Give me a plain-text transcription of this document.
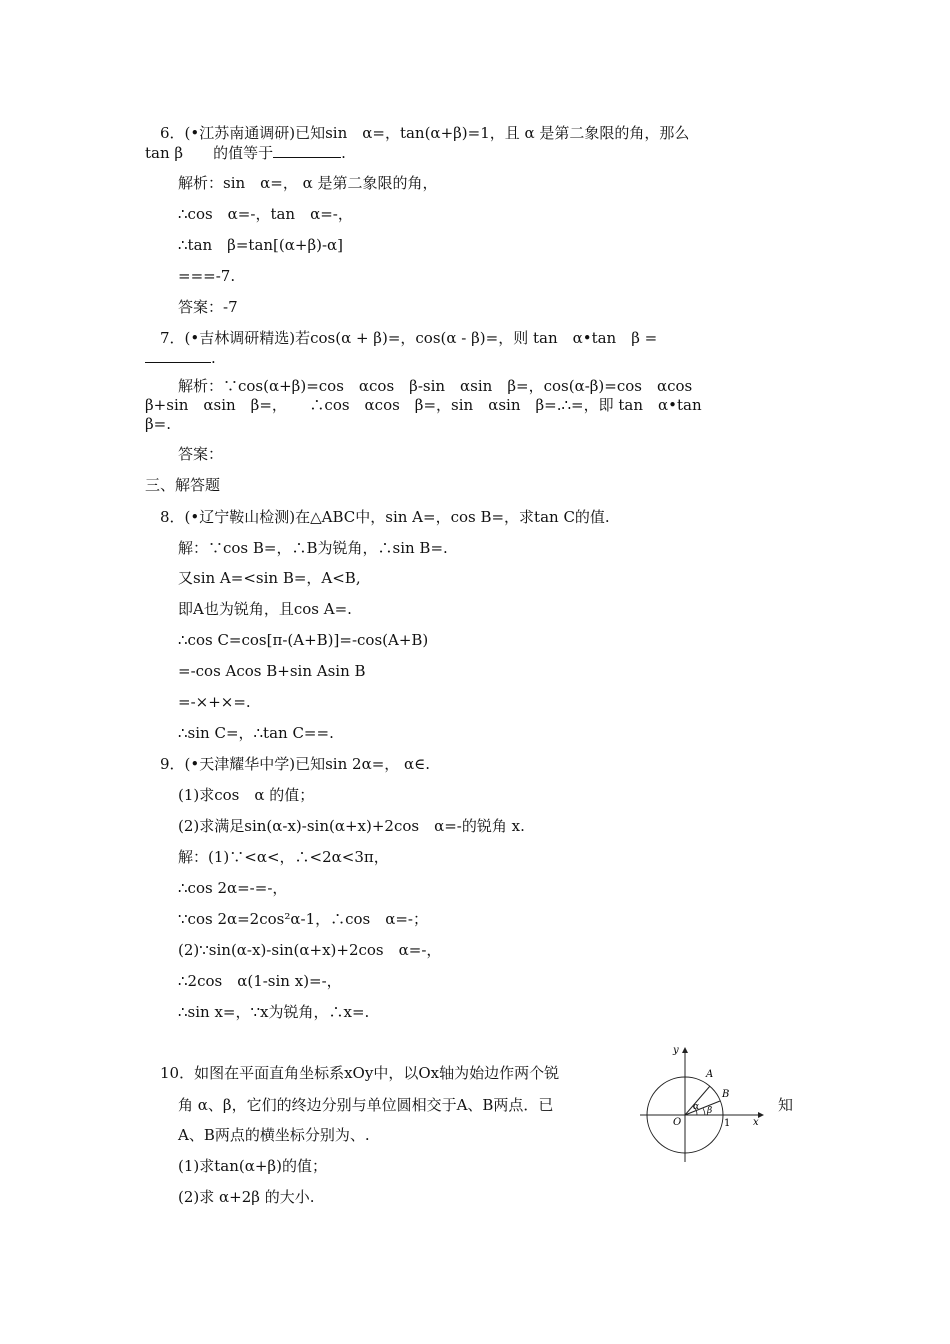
6．(•江苏南通调研)已知sin　α=，tan(α+β)=1，且 α 是第二象限的角，那么
tan β　　的值等于	.
解析：sin　α=， α 是第二象限的角，
∴cos　α=-，tan　α=-，
∴tan　β=tan[(α+β)-α]
===-7.
答案：-7
7．(•吉林调研精选)若cos(α + β)=，cos(α - β)=，则 tan　α•tan　β =
.
解析：∵cos(α+β)=cos　αcos　β-sin　αsin　β=，cos(α-β)=cos　αcos
β+sin　αsin　β=，　　∴cos　αcos　β=，sin　αsin　β=.∴=，即 tan　α•tan
β=.
答案：
三、解答题
8．(•辽宁鞍山检测)在△ABC中，sin A=，cos B=，求tan C的值.
解：∵cos B=，∴B为锐角，∴sin B=.
又sin A=<sin B=，A<B,
即A也为锐角，且cos A=.
∴cos C=cos[π-(A+B)]=-cos(A+B)
=-cos Acos B+sin Asin B
=-×+×=.
∴sin C=，∴tan C==.
9．(•天津耀华中学)已知sin 2α=， α∈.
(1)求cos　α 的值；
(2)求满足sin(α-x)-sin(α+x)+2cos　α=-的锐角 x.
解：(1)∵<α<，∴<2α<3π，
∴cos 2α=-=-，
∵cos 2α=2cos²α-1，∴cos　α=-；
(2)∵sin(α-x)-sin(α+x)+2cos　α=-，
∴2cos　α(1-sin x)=-，
∴sin x=，∵x为锐角，∴x=.
10．如图在平面直角坐标系xOy中，以Ox轴为始边作两个锐
角 α、β，它们的终边分别与单位圆相交于A、B两点．已	知
A、B两点的横坐标分别为、.
(1)求tan(α+β)的值；
(2)求 α+2β 的大小.
y
x
O	1
A
B
α β
